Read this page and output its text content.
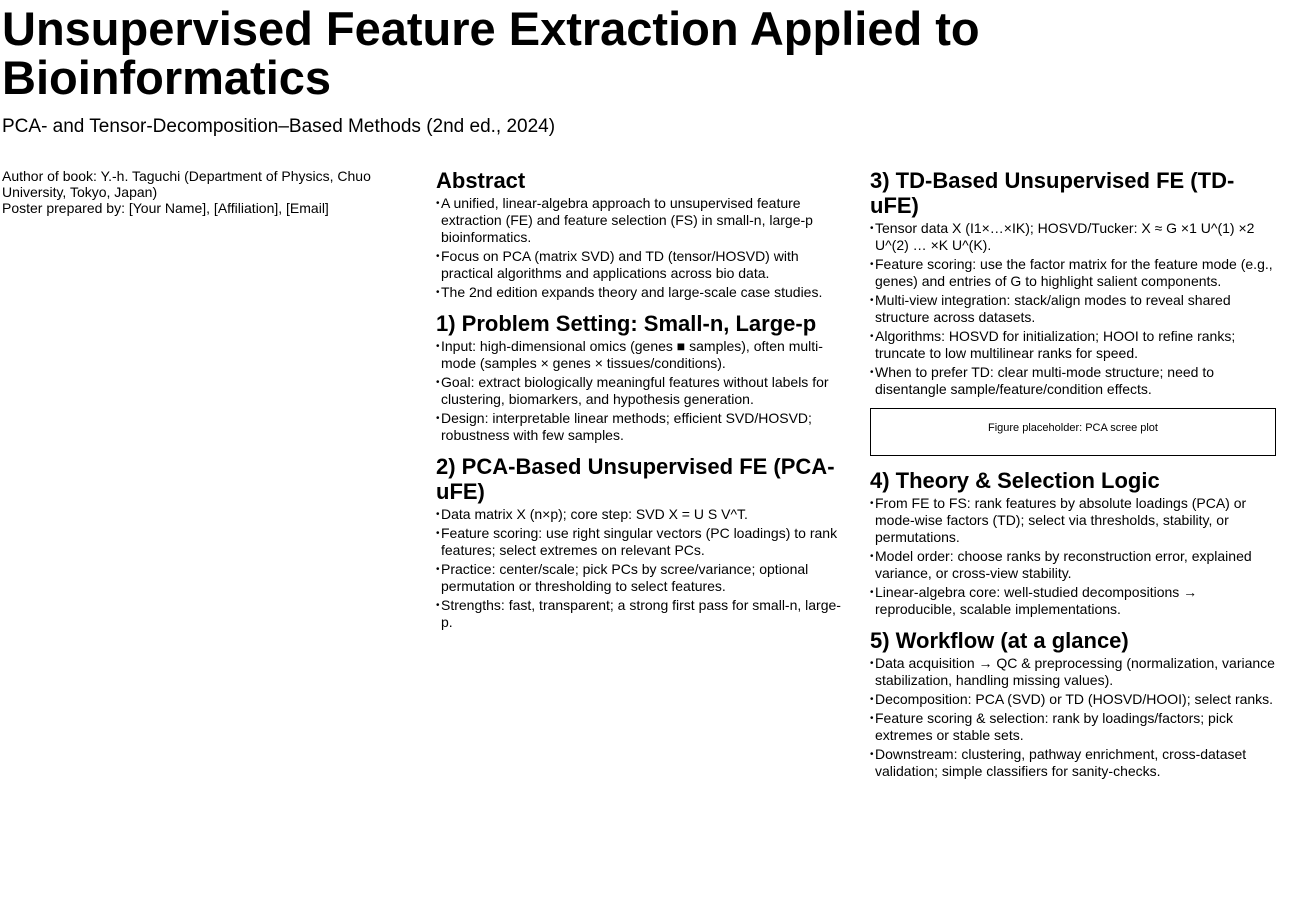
Unsupervised Feature Extraction Applied to Bioinformatics
PCA- and Tensor-Decomposition–Based Methods (2nd ed., 2024)
Author of book: Y.-h. Taguchi (Department of Physics, Chuo University, Tokyo, Japan)
Poster prepared by: [Your Name], [Affiliation], [Email]
Abstract
• A unified, linear-algebra approach to unsupervised feature extraction (FE) and feature selection (FS) in small-n, large-p bioinformatics.
• Focus on PCA (matrix SVD) and TD (tensor/HOSVD) with practical algorithms and applications across bio data.
• The 2nd edition expands theory and large-scale case studies.
1) Problem Setting: Small-n, Large-p
• Input: high-dimensional omics (genes ■ samples), often multi-mode (samples × genes × tissues/conditions).
• Goal: extract biologically meaningful features without labels for clustering, biomarkers, and hypothesis generation.
• Design: interpretable linear methods; efficient SVD/HOSVD; robustness with few samples.
2) PCA-Based Unsupervised FE (PCA-uFE)
• Data matrix X (n×p); core step: SVD X = U S V^T.
• Feature scoring: use right singular vectors (PC loadings) to rank features; select extremes on relevant PCs.
• Practice: center/scale; pick PCs by scree/variance; optional permutation or thresholding to select features.
• Strengths: fast, transparent; a strong first pass for small-n, large-p.
3) TD-Based Unsupervised FE (TD-uFE)
• Tensor data X (I1×…×IK); HOSVD/Tucker: X ≈ G ×1 U^(1) ×2 U^(2) … ×K U^(K).
• Feature scoring: use the factor matrix for the feature mode (e.g., genes) and entries of G to highlight salient components.
• Multi-view integration: stack/align modes to reveal shared structure across datasets.
• Algorithms: HOSVD for initialization; HOOI to refine ranks; truncate to low multilinear ranks for speed.
• When to prefer TD: clear multi-mode structure; need to disentangle sample/feature/condition effects.
Figure placeholder: PCA scree plot
4) Theory & Selection Logic
• From FE to FS: rank features by absolute loadings (PCA) or mode-wise factors (TD); select via thresholds, stability, or permutations.
• Model order: choose ranks by reconstruction error, explained variance, or cross-view stability.
• Linear-algebra core: well-studied decompositions → reproducible, scalable implementations.
5) Workflow (at a glance)
• Data acquisition → QC & preprocessing (normalization, variance stabilization, handling missing values).
• Decomposition: PCA (SVD) or TD (HOSVD/HOOI); select ranks.
• Feature scoring & selection: rank by loadings/factors; pick extremes or stable sets.
• Downstream: clustering, pathway enrichment, cross-dataset validation; simple classifiers for sanity-checks.
